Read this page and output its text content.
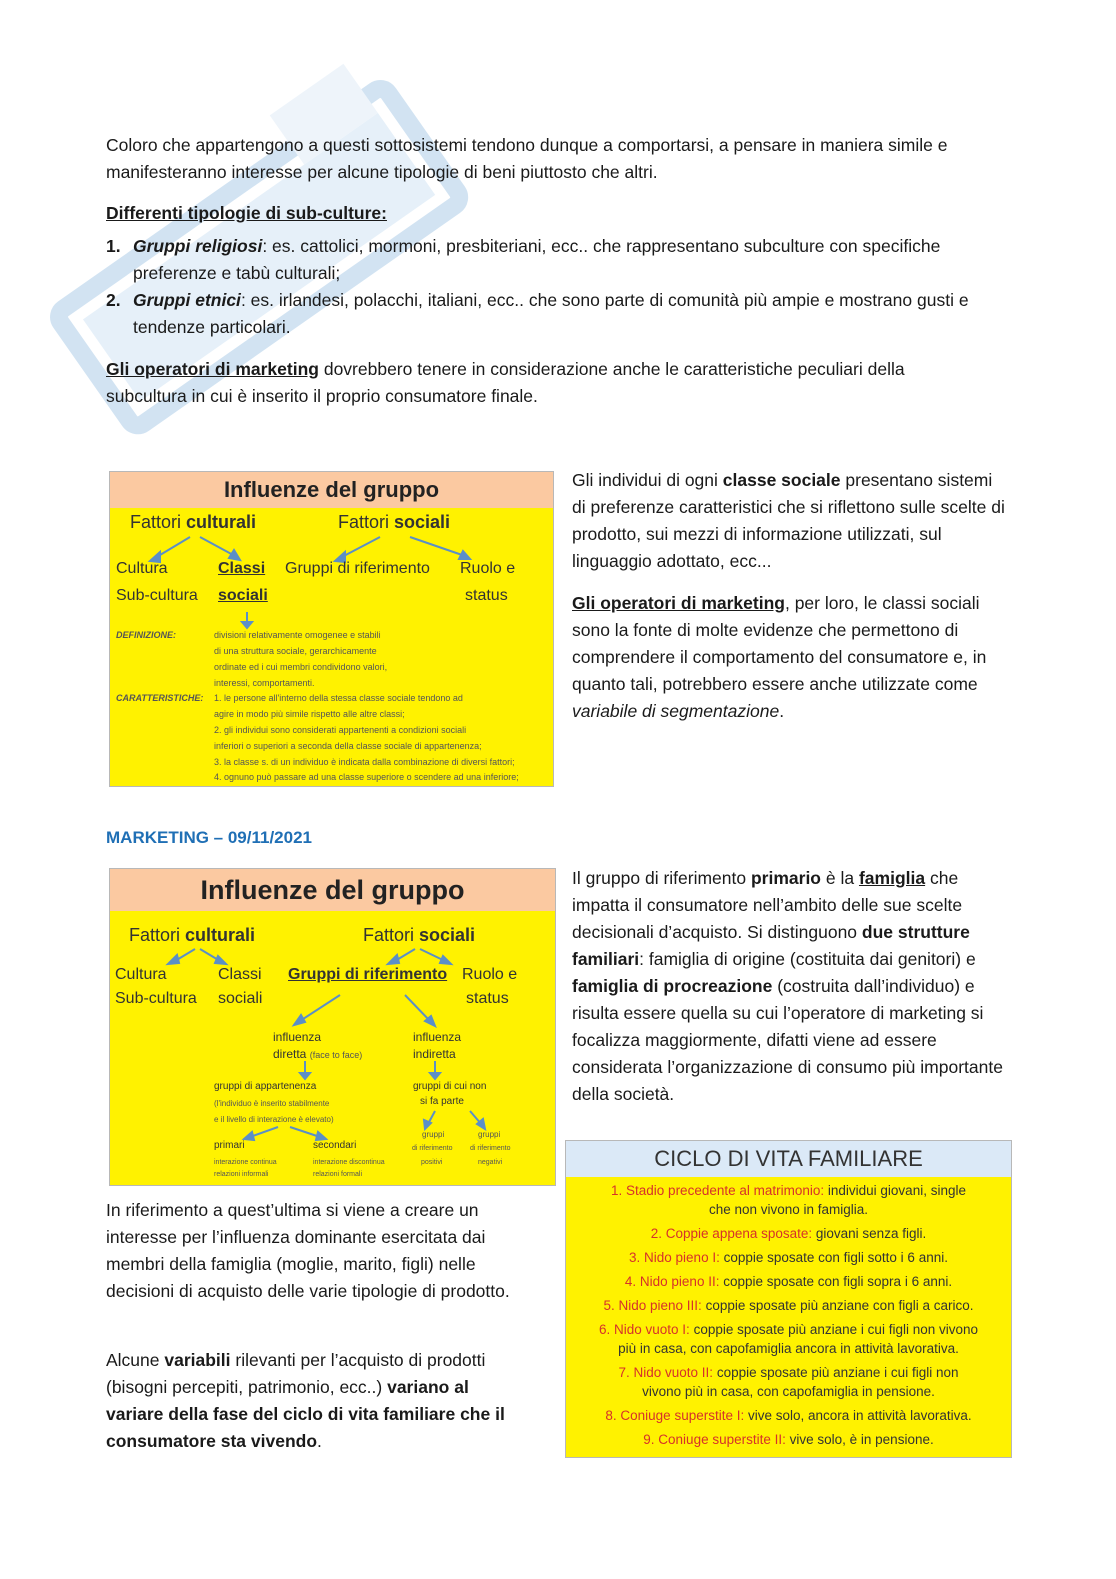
Coloro che appartengono a questi sottosistemi tendono dunque a comportarsi, a pensare in maniera simile e manifesteranno interesse per alcune tipologie di beni piuttosto che altri.
Differenti tipologie di sub-culture:
1. Gruppi religiosi: es. cattolici, mormoni, presbiteriani, ecc.. che rappresentano subculture con specifiche preferenze e tabù culturali;
2. Gruppi etnici: es. irlandesi, polacchi, italiani, ecc.. che sono parte di comunità più ampie e mostrano gusti e tendenze particolari.
Gli operatori di marketing dovrebbero tenere in considerazione anche le caratteristiche peculiari della subcultura in cui è inserito il proprio consumatore finale.
Influenze del gruppo
Fattori culturali	Fattori sociali
Cultura
Sub-cultura
Classi
sociali
Gruppi di riferimento Ruolo e
status
DEFINIZIONE:	divisioni relativamente omogenee e stabili
di una struttura sociale, gerarchicamente
ordinate ed i cui membri condividono valori,
interessi, comportamenti.
CARATTERISTICHE: 1. le persone all'interno della stessa classe sociale tendono ad
agire in modo più simile rispetto alle altre classi;
2. gli individui sono considerati appartenenti a condizioni sociali
inferiori o superiori a seconda della classe sociale di appartenenza;
3. la classe s. di un individuo è indicata dalla combinazione di diversi fattori;
4. ognuno può passare ad una classe superiore o scendere ad una inferiore;
Gli individui di ogni classe sociale presentano sistemi di preferenze caratteristici che si riflettono sulle scelte di prodotto, sui mezzi di informazione utilizzati, sul linguaggio adottato, ecc...
Gli operatori di marketing, per loro, le classi sociali sono la fonte di molte evidenze che permettono di comprendere il comportamento del consumatore e, in quanto tali, potrebbero essere anche utilizzate come variabile di segmentazione.
MARKETING – 09/11/2021
Influenze del gruppo
Fattori culturali	Fattori sociali
Cultura
Sub-cultura
Classi
sociali
Gruppi di riferimento Ruolo e
status
influenza
diretta (face to face)
influenza
indiretta
gruppi di appartenenza
(l'individuo è inserito stabilmente
e il livello di interazione è elevato)
gruppi di cui non
si fa parte
primari
interazione continua
relazioni informali
secondari
interazione discontinua
relazioni formali
gruppi
di riferimento
positivi
gruppi
di riferimento
negativi
Il gruppo di riferimento primario è la famiglia che impatta il consumatore nell’ambito delle sue scelte decisionali d’acquisto. Si distinguono due strutture familiari: famiglia di origine (costituita dai genitori) e famiglia di procreazione (costruita dall’individuo) e risulta essere quella su cui l’operatore di marketing si focalizza maggiormente, difatti viene ad essere considerata l’organizzazione di consumo più importante della società.
In riferimento a quest’ultima si viene a creare un interesse per l’influenza dominante esercitata dai membri della famiglia (moglie, marito, figli) nelle decisioni di acquisto delle varie tipologie di prodotto.
Alcune variabili rilevanti per l’acquisto di prodotti (bisogni percepiti, patrimonio, ecc..) variano al variare della fase del ciclo di vita familiare che il consumatore sta vivendo.
CICLO DI VITA FAMILIARE
1. Stadio precedente al matrimonio: individui giovani, single
che non vivono in famiglia.
2. Coppie appena sposate: giovani senza figli.
3. Nido pieno I: coppie sposate con figli sotto i 6 anni.
4. Nido pieno II: coppie sposate con figli sopra i 6 anni.
5. Nido pieno III: coppie sposate più anziane con figli a carico.
6. Nido vuoto I: coppie sposate più anziane i cui figli non vivono
più in casa, con capofamiglia ancora in attività lavorativa.
7. Nido vuoto II: coppie sposate più anziane i cui figli non
vivono più in casa, con capofamiglia in pensione.
8. Coniuge superstite I: vive solo, ancora in attività lavorativa.
9. Coniuge superstite II: vive solo, è in pensione.
